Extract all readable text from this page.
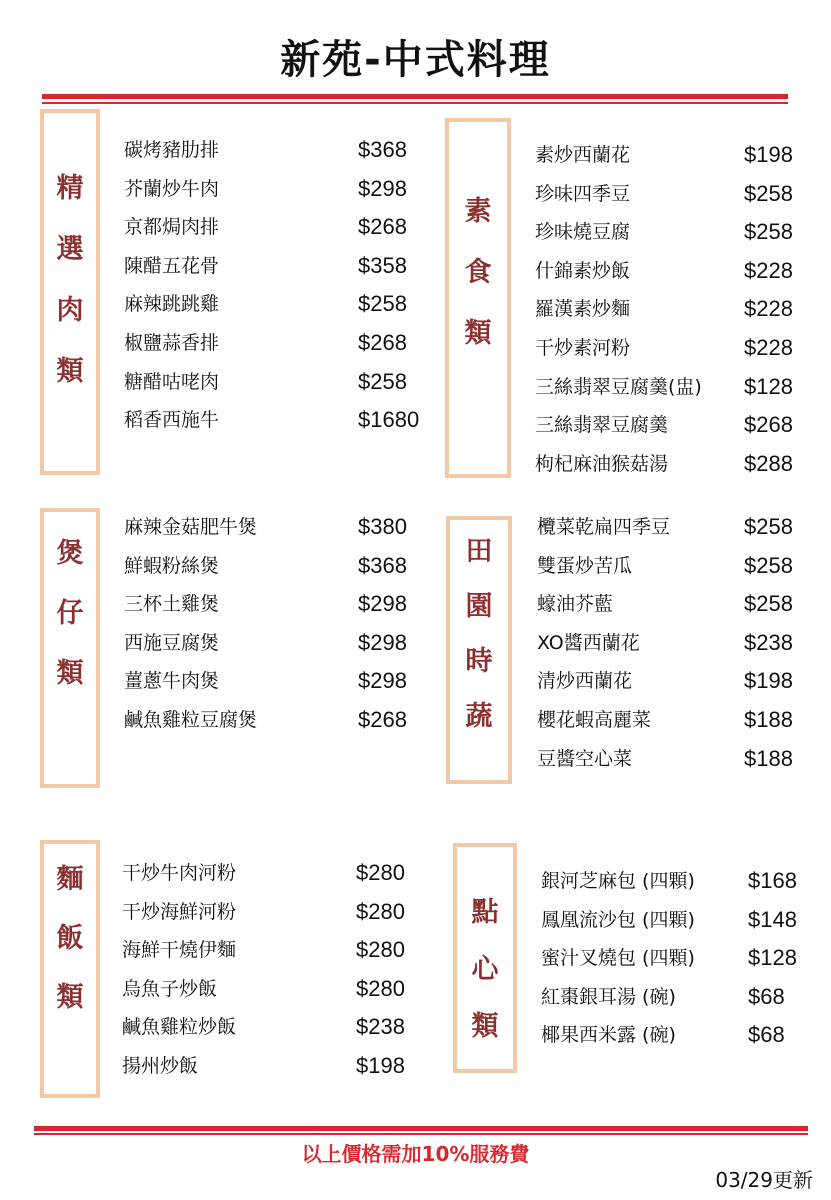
新苑-中式料理
精
選
肉
類
碳烤豬肋排	$368
芥蘭炒牛肉	$298
京都焗肉排	$268
陳醋五花骨	$358
麻辣跳跳雞	$258
椒鹽蒜香排	$268
糖醋咕咾肉	$258
稻香西施牛	$1680
素
食
類
素炒西蘭花	$198
珍味四季豆	$258
珍味燒豆腐	$258
什錦素炒飯	$228
羅漢素炒麵	$228
干炒素河粉	$228
三絲翡翠豆腐羹(盅) $128
三絲翡翠豆腐羹	$268
枸杞麻油猴菇湯	$288
煲
仔
類
麻辣金菇肥牛煲	$380
鮮蝦粉絲煲	$368
三杯土雞煲	$298
西施豆腐煲	$298
薑蔥牛肉煲	$298
鹹魚雞粒豆腐煲	$268
田
園
時
蔬
欖菜乾扁四季豆	$258
雙蛋炒苦瓜	$258
蠔油芥藍	$258
XO醬西蘭花	$238
清炒西蘭花	$198
櫻花蝦高麗菜	$188
豆醬空心菜	$188
麵
飯
類
干炒牛肉河粉	$280
干炒海鮮河粉	$280
海鮮干燒伊麵	$280
烏魚子炒飯	$280
鹹魚雞粒炒飯	$238
揚州炒飯	$198
點
心
類
銀河芝麻包 (四顆) $168
鳳凰流沙包 (四顆) $148
蜜汁叉燒包 (四顆) $128
紅棗銀耳湯 (碗)	$68
椰果西米露 (碗)	$68
以上價格需加10%服務費
03/29更新
